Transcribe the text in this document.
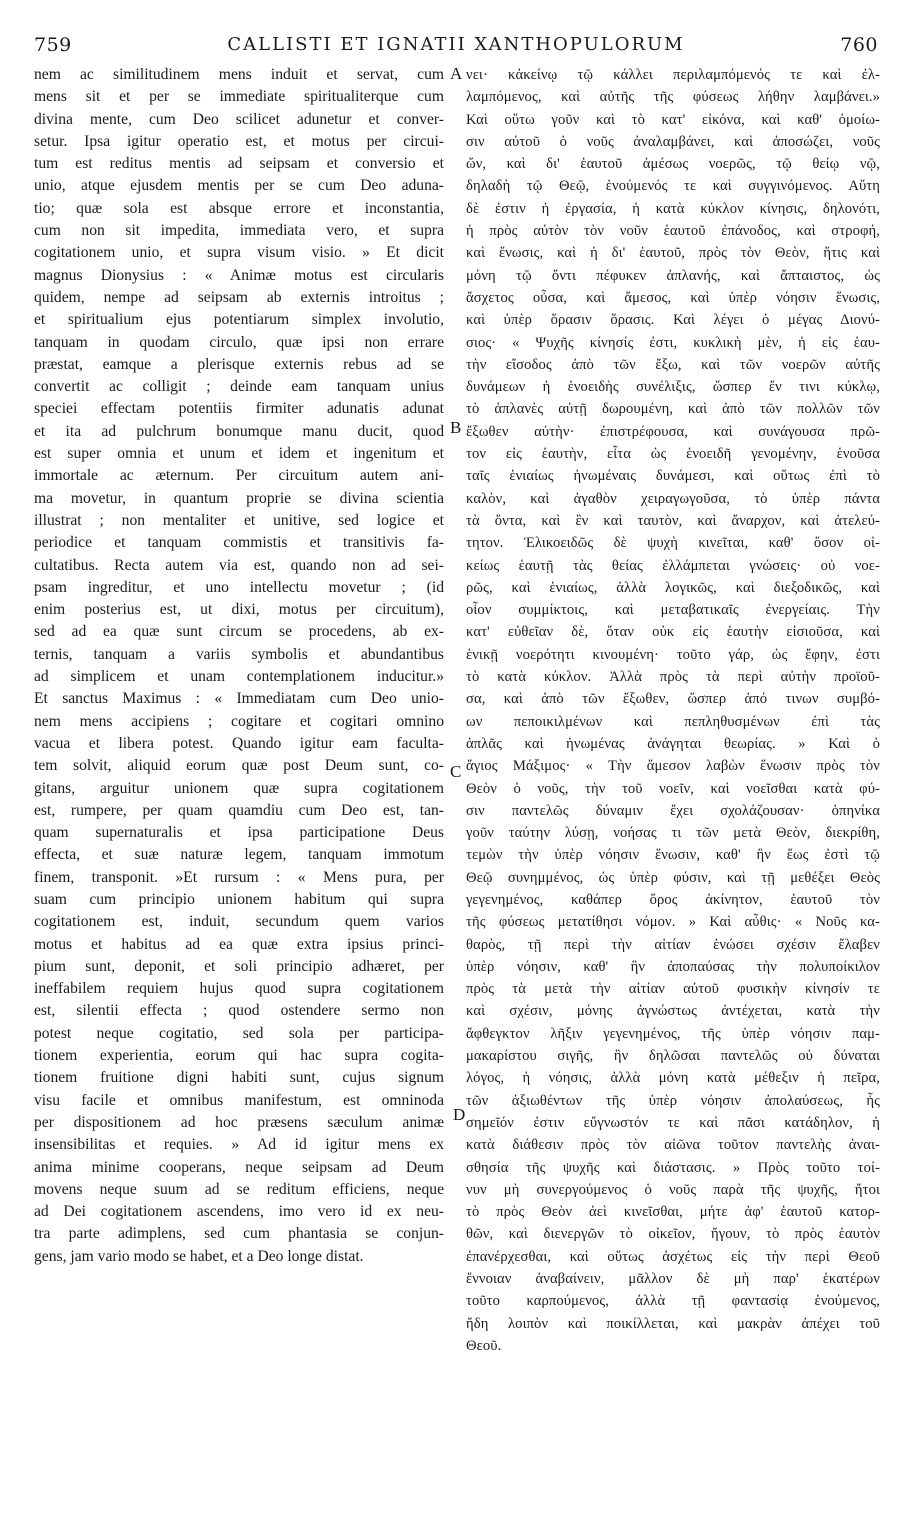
759	CALLISTI ET IGNATII XANTHOPULORUM	760
nem ac similitudinem mens induit et servat, cum
mens sit et per se immediate spiritualiterque cum
divina mente, cum Deo scilicet adunetur et conver-
setur. Ipsa igitur operatio est, et motus per circui-
tum est reditus mentis ad seipsam et conversio et
unio, atque ejusdem mentis per se cum Deo aduna-
tio; quæ sola est absque errore et inconstantia,
cum non sit impedita, immediata vero, et supra
cogitationem unio, et supra visum visio. » Et dicit
magnus Dionysius : « Animæ motus est circularis
quidem, nempe ad seipsam ab externis introitus ;
et spiritualium ejus potentiarum simplex involutio,
tanquam in quodam circulo, quæ ipsi non errare
præstat, eamque a plerisque externis rebus ad se
convertit ac colligit ; deinde eam tanquam unius
speciei effectam potentiis firmiter adunatis adunat
et ita ad pulchrum bonumque manu ducit, quod
est super omnia et unum et idem et ingenitum et
immortale ac æternum. Per circuitum autem ani-
ma movetur, in quantum proprie se divina scientia
illustrat ; non mentaliter et unitive, sed logice et
periodice et tanquam commistis et transitivis fa-
cultatibus. Recta autem via est, quando non ad sei-
psam ingreditur, et uno intellectu movetur ; (id
enim posterius est, ut dixi, motus per circuitum),
sed ad ea quæ sunt circum se procedens, ab ex-
ternis, tanquam a variis symbolis et abundantibus
ad simplicem et unam contemplationem inducitur.»
Et sanctus Maximus : « Immediatam cum Deo unio-
nem mens accipiens ; cogitare et cogitari omnino
vacua et libera potest. Quando igitur eam facultа-
tem solvit, aliquid eorum quæ post Deum sunt, co-
gitans, arguitur unionem quæ supra cogitationem
est, rumpere, per quam quamdiu cum Deo est, tan-
quam supernaturalis et ipsa participatione Deus
effecta, et suæ naturæ legem, tanquam immotum
finem, transponit. »Et rursum : « Mens pura, per
suam cum principio unionem habitum qui supra
cogitationem est, induit, secundum quem varios
motus et habitus ad ea quæ extra ipsius princi-
pium sunt, deponit, et soli principio adhæret, per
ineffabilem requiem hujus quod supra cogitationem
est, silentii effecta ; quod ostendere sermo non
potest neque cogitatio, sed sola per participa-
tionem experientia, eorum qui hac supra cogita-
tionem fruitione digni habiti sunt, cujus signum
visu facile et omnibus manifestum, est omninoda
per dispositionem ad hoc præsens sæculum animæ
insensibilitas et requies. » Ad id igitur mens ex
anima minime cooperans, neque seipsam ad Deum
movens neque suum ad se reditum efficiens, neque
ad Dei cogitationem ascendens, imo vero id ex neu-
tra parte adimplens, sed cum phantasia se conjun-
gens, jam vario modo se habet, et a Deo longe distat.
νει· κἀκείνῳ τῷ κάλλει περιλαμπόμενός τε καὶ ἐλ-
λαμπόμενος, καὶ αὐτῆς τῆς φύσεως λήθην λαμβάνει.»
Καὶ οὕτω γοῦν καὶ τὸ κατ' εἰκόνα, καὶ καθ' ὁμοίω-
σιν αὐτοῦ ὁ νοῦς ἀναλαμβάνει, καὶ ἀποσώζει, νοῦς
ὤν, καὶ δι' ἑαυτοῦ ἀμέσως νοερῶς, τῷ θείῳ νῷ,
δηλαδὴ τῷ Θεῷ, ἑνούμενός τε καὶ συγγινόμενος. Αὕτη
δὲ ἐστιν ἡ ἐργασία, ἡ κατὰ κύκλον κίνησις, δηλονότι,
ἡ πρὸς αὐτὸν τὸν νοῦν ἑαυτοῦ ἐπάνοδος, καὶ στροφή,
καὶ ἕνωσις, καὶ ἡ δι' ἑαυτοῦ, πρὸς τὸν Θεὸν, ἥτις καὶ
μόνη τῷ ὄντι πέφυκεν ἀπλανής, καὶ ἄπταιστος, ὡς
ἄσχετος οὖσα, καὶ ἄμεσος, καὶ ὑπὲρ νόησιν ἕνωσις,
καὶ ὑπὲρ ὅρασιν ὅρασις. Καὶ λέγει ὁ μέγας Διονύ-
σιος· « Ψυχῆς κίνησίς ἐστι, κυκλικὴ μὲν, ἡ εἰς ἑαυ-
τὴν εἴσοδος ἀπὸ τῶν ἔξω, καὶ τῶν νοερῶν αὐτῆς
δυνάμεων ἡ ἑνοειδὴς συνέλιξις, ὥσπερ ἔν τινι κύκλῳ,
τὸ ἀπλανὲς αὐτῇ δωρουμένη, καὶ ἀπὸ τῶν πολλῶν τῶν
ἔξωθεν αὐτὴν· ἐπιστρέφουσα, καὶ συνάγουσα πρῶ-
τον εἰς ἑαυτὴν, εἶτα ὡς ἑνοειδῆ γενομένην, ἑνοῦσα
ταῖς ἑνιαίως ἡνωμέναις δυνάμεσι, καὶ οὕτως ἐπὶ τὸ
καλὸν, καὶ ἀγαθὸν χειραγωγοῦσα, τὸ ὑπὲρ πάντα
τὰ ὄντα, καὶ ἓν καὶ ταυτὸν, καὶ ἄναρχον, καὶ ἀτελεύ-
τητον. Ἑλικοειδῶς δὲ ψυχὴ κινεῖται, καθ' ὅσον οἰ-
κείως ἑαυτῇ τὰς θείας ἐλλάμπεται γνώσεις· οὐ νοε-
ρῶς, καὶ ἑνιαίως, ἀλλὰ λογικῶς, καὶ διεξοδικῶς, καὶ
οἷον συμμίκτοις, καὶ μεταβατικαῖς ἐνεργείαις. Τὴν
κατ' εὐθεῖαν δὲ, ὅταν οὐκ εἰς ἑαυτὴν εἰσιοῦσα, καὶ
ἑνικῇ νοερότητι κινουμένη· τοῦτο γάρ, ὡς ἔφην, ἐστι
τὸ κατὰ κύκλον. Ἀλλὰ πρὸς τὰ περὶ αὐτὴν προϊοῦ-
σα, καὶ ἀπὸ τῶν ἔξωθεν, ὥσπερ ἀπό τινων συμβό-
ων πεποικιλμένων καὶ πεπληθυσμένων ἐπὶ τὰς
ἁπλᾶς καὶ ἡνωμένας ἀνάγηται θεωρίας. » Καὶ ὁ
ἅγιος Μάξιμος· « Τὴν ἄμεσον λαβὼν ἕνωσιν πρὸς τὸν
Θεὸν ὁ νοῦς, τὴν τοῦ νοεῖν, καὶ νοεῖσθαι κατὰ φύ-
σιν παντελῶς δύναμιν ἔχει σχολάζουσαν· ὁπηνίκα
γοῦν ταύτην λύσῃ, νοήσας τι τῶν μετὰ Θεὸν, διεκρίθη,
τεμὼν τὴν ὑπὲρ νόησιν ἕνωσιν, καθ' ἣν ἕως ἐστὶ τῷ
Θεῷ συνημμένος, ὡς ὑπὲρ φύσιν, καὶ τῇ μεθέξει Θεὸς
γεγενημένος, καθάπερ ὅρος ἀκίνητον, ἑαυτοῦ τὸν
τῆς φύσεως μετατίθησι νόμον. » Καὶ αὖθις· « Νοῦς κα-
θαρὸς, τῇ περὶ τὴν αἰτίαν ἑνώσει σχέσιν ἔλαβεν
ὑπὲρ νόησιν, καθ' ἣν ἀποπαύσας τὴν πολυποίκιλον
πρὸς τὰ μετὰ τὴν αἰτίαν αὐτοῦ φυσικὴν κίνησίν τε
καὶ σχέσιν, μόνης ἀγνώστως ἀντέχεται, κατὰ τὴν
ἄφθεγκτον λῆξιν γεγενημένος, τῆς ὑπὲρ νόησιν παμ-
μακαρίστου σιγῆς, ἣν δηλῶσαι παντελῶς οὐ δύναται
λόγος, ἡ νόησις, ἀλλὰ μόνη κατὰ μέθεξιν ἡ πεῖρα,
τῶν ἀξιωθέντων τῆς ὑπὲρ νόησιν ἀπολαύσεως, ἧς
σημεῖόν ἐστιν εὔγνωστόν τε καὶ πᾶσι κατάδηλον, ἡ
κατὰ διάθεσιν πρὸς τὸν αἰῶνα τοῦτον παντελὴς ἀναι-
σθησία τῆς ψυχῆς καὶ διάστασις. » Πρὸς τοῦτο τοί-
νυν μὴ συνεργούμενος ὁ νοῦς παρὰ τῆς ψυχῆς, ἤτοι
τὸ πρὸς Θεὸν ἀεὶ κινεῖσθαι, μήτε ἀφ' ἑαυτοῦ κατορ-
θῶν, καὶ διενεργῶν τὸ οἰκεῖον, ἤγουν, τὸ πρὸς ἑαυτὸν
ἐπανέρχεσθαι, καὶ οὕτως ἀσχέτως εἰς τὴν περὶ Θεοῦ
ἔννοιαν ἀναβαίνειν, μᾶλλον δὲ μὴ παρ' ἑκατέρων
τοῦτο καρπούμενος, ἀλλὰ τῇ φαντασίᾳ ἑνούμενος,
ἤδη λοιπὸν καὶ ποικίλλεται, καὶ μακρὰν ἀπέχει τοῦ
Θεοῦ.
A
B
C
D
